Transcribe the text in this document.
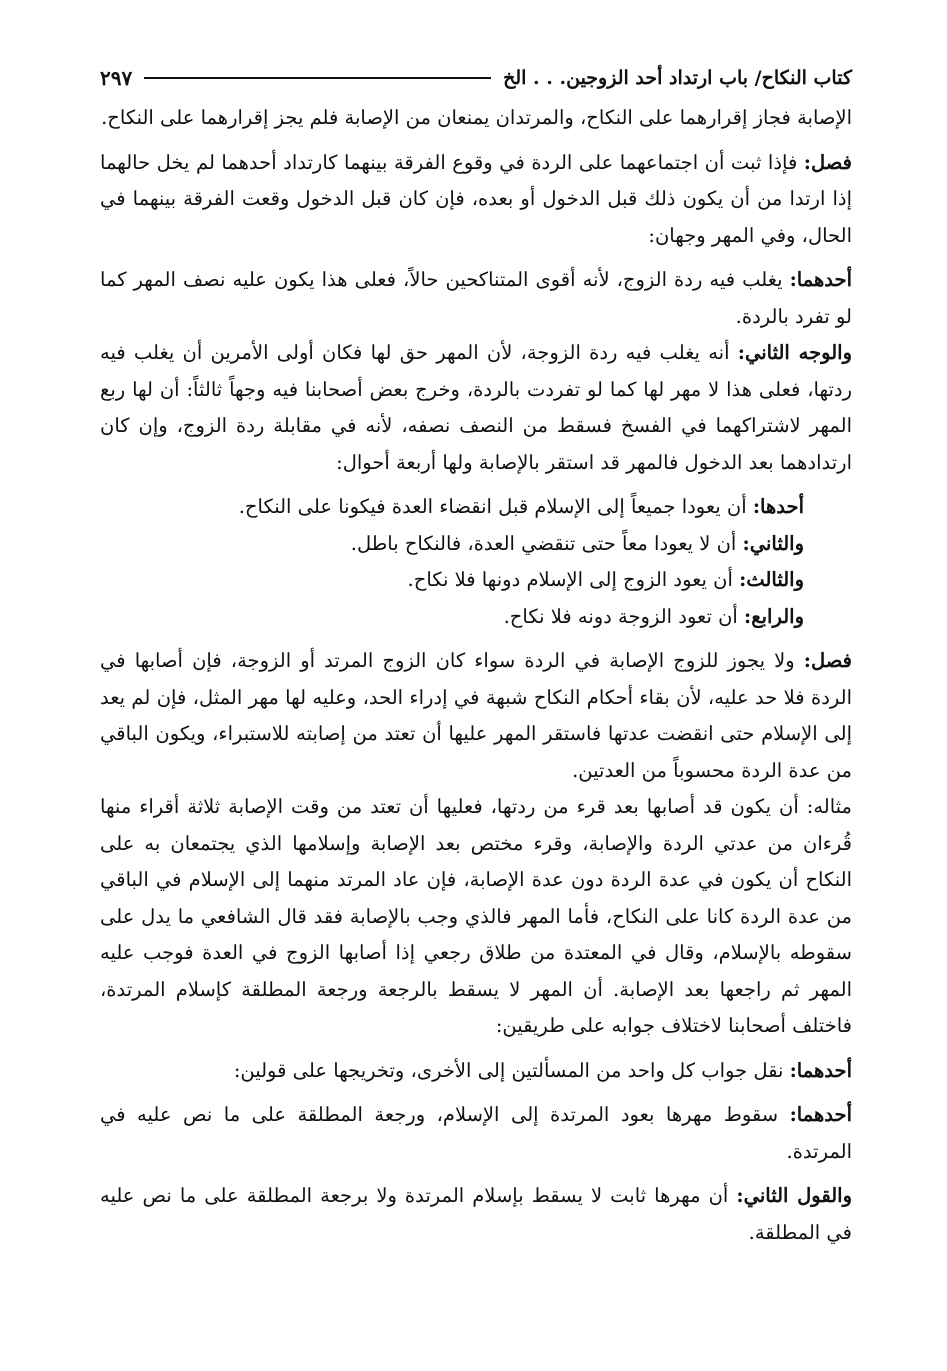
كتاب النكاح/ باب ارتداد أحد الزوجين. . . الخ
٢٩٧

الإصابة فجاز إقرارهما على النكاح، والمرتدان يمنعان من الإصابة فلم يجز إقرارهما على النكاح.

فصل: فإذا ثبت أن اجتماعهما على الردة في وقوع الفرقة بينهما كارتداد أحدهما لم يخل حالهما إذا ارتدا من أن يكون ذلك قبل الدخول أو بعده، فإن كان قبل الدخول وقعت الفرقة بينهما في الحال، وفي المهر وجهان:

أحدهما: يغلب فيه ردة الزوج، لأنه أقوى المتناكحين حالاً، فعلى هذا يكون عليه نصف المهر كما لو تفرد بالردة.

والوجه الثاني: أنه يغلب فيه ردة الزوجة، لأن المهر حق لها فكان أولى الأمرين أن يغلب فيه ردتها، فعلى هذا لا مهر لها كما لو تفردت بالردة، وخرج بعض أصحابنا فيه وجهاً ثالثاً: أن لها ربع المهر لاشتراكهما في الفسخ فسقط من النصف نصفه، لأنه في مقابلة ردة الزوج، وإن كان ارتدادهما بعد الدخول فالمهر قد استقر بالإصابة ولها أربعة أحوال:

أحدها: أن يعودا جميعاً إلى الإسلام قبل انقضاء العدة فيكونا على النكاح.

والثاني: أن لا يعودا معاً حتى تنقضي العدة، فالنكاح باطل.

والثالث: أن يعود الزوج إلى الإسلام دونها فلا نكاح.

والرابع: أن تعود الزوجة دونه فلا نكاح.

فصل: ولا يجوز للزوج الإصابة في الردة سواء كان الزوج المرتد أو الزوجة، فإن أصابها في الردة فلا حد عليه، لأن بقاء أحكام النكاح شبهة في إدراء الحد، وعليه لها مهر المثل، فإن لم يعد إلى الإسلام حتى انقضت عدتها فاستقر المهر عليها أن تعتد من إصابته للاستبراء، ويكون الباقي من عدة الردة محسوباً من العدتين.

مثاله: أن يكون قد أصابها بعد قرء من ردتها، فعليها أن تعتد من وقت الإصابة ثلاثة أقراء منها قُرءان من عدتي الردة والإصابة، وقرء مختص بعد الإصابة وإسلامها الذي يجتمعان به على النكاح أن يكون في عدة الردة دون عدة الإصابة، فإن عاد المرتد منهما إلى الإسلام في الباقي من عدة الردة كانا على النكاح، فأما المهر فالذي وجب بالإصابة فقد قال الشافعي ما يدل على سقوطه بالإسلام، وقال في المعتدة من طلاق رجعي إذا أصابها الزوج في العدة فوجب عليه المهر ثم راجعها بعد الإصابة. أن المهر لا يسقط بالرجعة ورجعة المطلقة كإسلام المرتدة، فاختلف أصحابنا لاختلاف جوابه على طريقين:

أحدهما: نقل جواب كل واحد من المسألتين إلى الأخرى، وتخريجها على قولين:

أحدهما: سقوط مهرها بعود المرتدة إلى الإسلام، ورجعة المطلقة على ما نص عليه في المرتدة.

والقول الثاني: أن مهرها ثابت لا يسقط بإسلام المرتدة ولا برجعة المطلقة على ما نص عليه في المطلقة.
